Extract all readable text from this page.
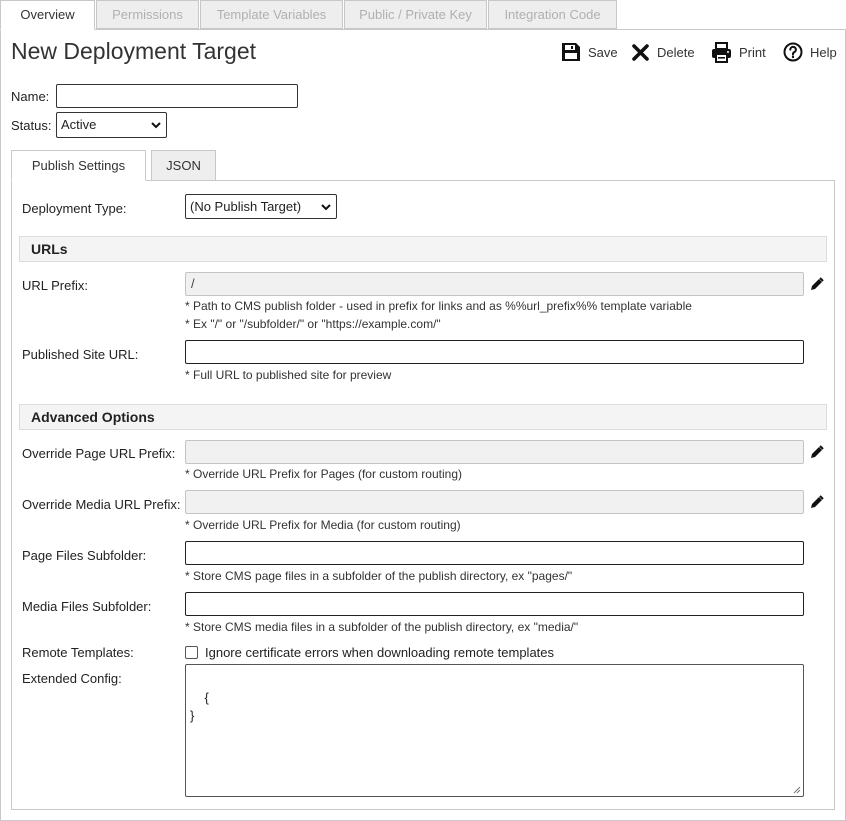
Overview	Permissions	Template Variables	Public / Private Key	Integration Code
New Deployment Target	Save	Delete	Print	Help
Name:
Status: Active
Publish Settings	JSON
Deployment Type:	(No Publish Target)
URLs
URL Prefix:	/
* Path to CMS publish folder - used in prefix for links and as %%url_prefix%% template variable
* Ex "/" or "/subfolder/" or "https://example.com/"
Published Site URL:
* Full URL to published site for preview
Advanced Options
Override Page URL Prefix:
* Override URL Prefix for Pages (for custom routing)
Override Media URL Prefix:
* Override URL Prefix for Media (for custom routing)
Page Files Subfolder:
* Store CMS page files in a subfolder of the publish directory, ex "pages/"
Media Files Subfolder:
* Store CMS media files in a subfolder of the publish directory, ex "media/"
Remote Templates:	Ignore certificate errors when downloading remote templates
Extended Config:

{
}
